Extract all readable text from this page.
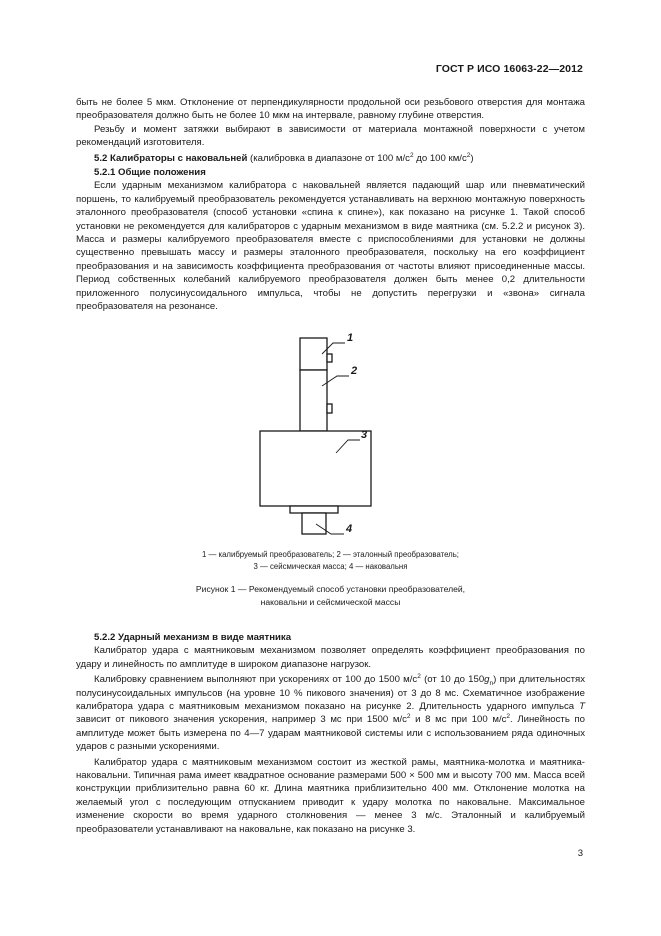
ГОСТ Р ИСО 16063-22—2012

быть не более 5 мкм. Отклонение от перпендикулярности продольной оси резьбового отверстия для монтажа преобразователя должно быть не более 10 мкм на интервале, равному глубине отверстия.

Резьбу и момент затяжки выбирают в зависимости от материала монтажной поверхности с учетом рекомендаций изготовителя.

5.2 Калибраторы с наковальней (калибровка в диапазоне от 100 $м/с^2$ до 100 $км/с^2$)

5.2.1 Общие положения

Если ударным механизмом калибратора с наковальней является падающий шар или пневматический поршень, то калибруемый преобразователь рекомендуется устанавливать на верхнюю монтажную поверхность эталонного преобразователя (способ установки «спина к спине»), как показано на рисунке 1. Такой способ установки не рекомендуется для калибраторов с ударным механизмом в виде маятника (см. 5.2.2 и рисунок 3). Масса и размеры калибруемого преобразователя вместе с приспособлениями для установки не должны существенно превышать массу и размеры эталонного преобразователя, поскольку на его коэффициент преобразования и на зависимость коэффициента преобразования от частоты влияют присоединенные массы. Период собственных колебаний калибруемого преобразователя должен быть менее 0,2 длительности приложенного полусинусоидального импульса, чтобы не допустить перегрузки и «звона» сигнала преобразователя на резонансе.

1
2
3
4
1 — калибруемый преобразователь; 2 — эталонный преобразователь;
3 — сейсмическая масса; 4 — наковальня
Рисунок 1 — Рекомендуемый способ установки преобразователей,
наковальни и сейсмической массы

5.2.2 Ударный механизм в виде маятника

Калибратор удара с маятниковым механизмом позволяет определять коэффициент преобразования по удару и линейность по амплитуде в широком диапазоне нагрузок.

Калибровку сравнением выполняют при ускорениях от 100 до 1500 $м/с^2$ (от 10 до $150g_n$) при длительностях полусинусоидальных импульсов (на уровне 10 % пикового значения) от 3 до 8 мс. Схематичное изображение калибратора удара с маятниковым механизмом показано на рисунке 2. Длительность ударного импульса T зависит от пикового значения ускорения, например 3 мс при 1500 $м/с^2$ и 8 мс при 100 $м/с^2$. Линейность по амплитуде может быть измерена по 4—7 ударам маятниковой системы или с использованием ряда одиночных ударов с разными ускорениями.

Калибратор удара с маятниковым механизмом состоит из жесткой рамы, маятника-молотка и маятника-наковальни. Типичная рама имеет квадратное основание размерами 500 × 500 мм и высоту 700 мм. Масса всей конструкции приблизительно равна 60 кг. Длина маятника приблизительно 400 мм. Отклонение молотка на желаемый угол с последующим отпусканием приводит к удару молотка по наковальне. Максимальное изменение скорости во время ударного столкновения — менее 3 м/с. Эталонный и калибруемый преобразователи устанавливают на наковальне, как показано на рисунке 3.

3
